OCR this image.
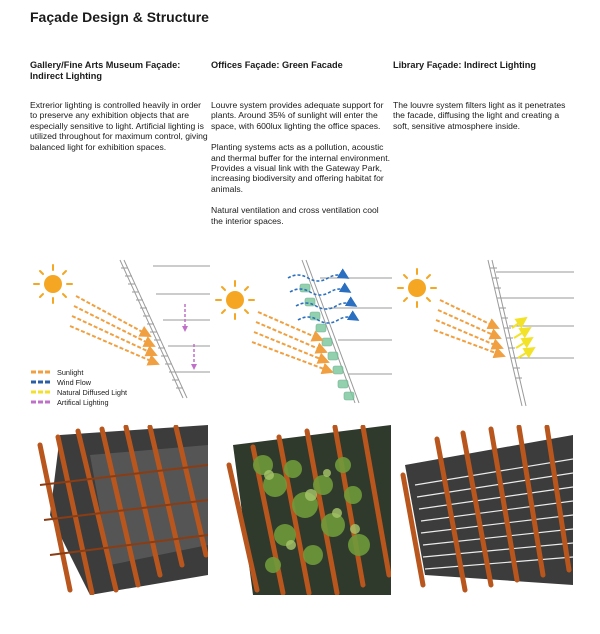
Façade Design & Structure
Gallery/Fine Arts Museum Façade: Indirect Lighting

Extrerior lighting is controlled heavily in order to preserve any exhibition objects that are especially sensitive to light. Artificial lighting is utilized throughout for maximum control, giving balanced light for exhibition spaces.

Offices Façade: Green Facade

Louvre system provides adequate support for plants. Around 35% of sunlight will enter the space, with 600lux lighting the office spaces.

Planting systems acts as a pollution, acoustic and thermal buffer for the internal environment. Provides a visual link with the Gateway Park, increasing biodiversity and offering habitat for animals.

Natural ventilation and cross ventilation cool the interior spaces.

Library Façade: Indirect Lighting

The louvre system filters light as it penetrates the facade, diffusing the light and creating a soft, sensitive atmosphere inside.

Sunlight
Wind Flow
Natural Diffused Light
Artifical Lighting
